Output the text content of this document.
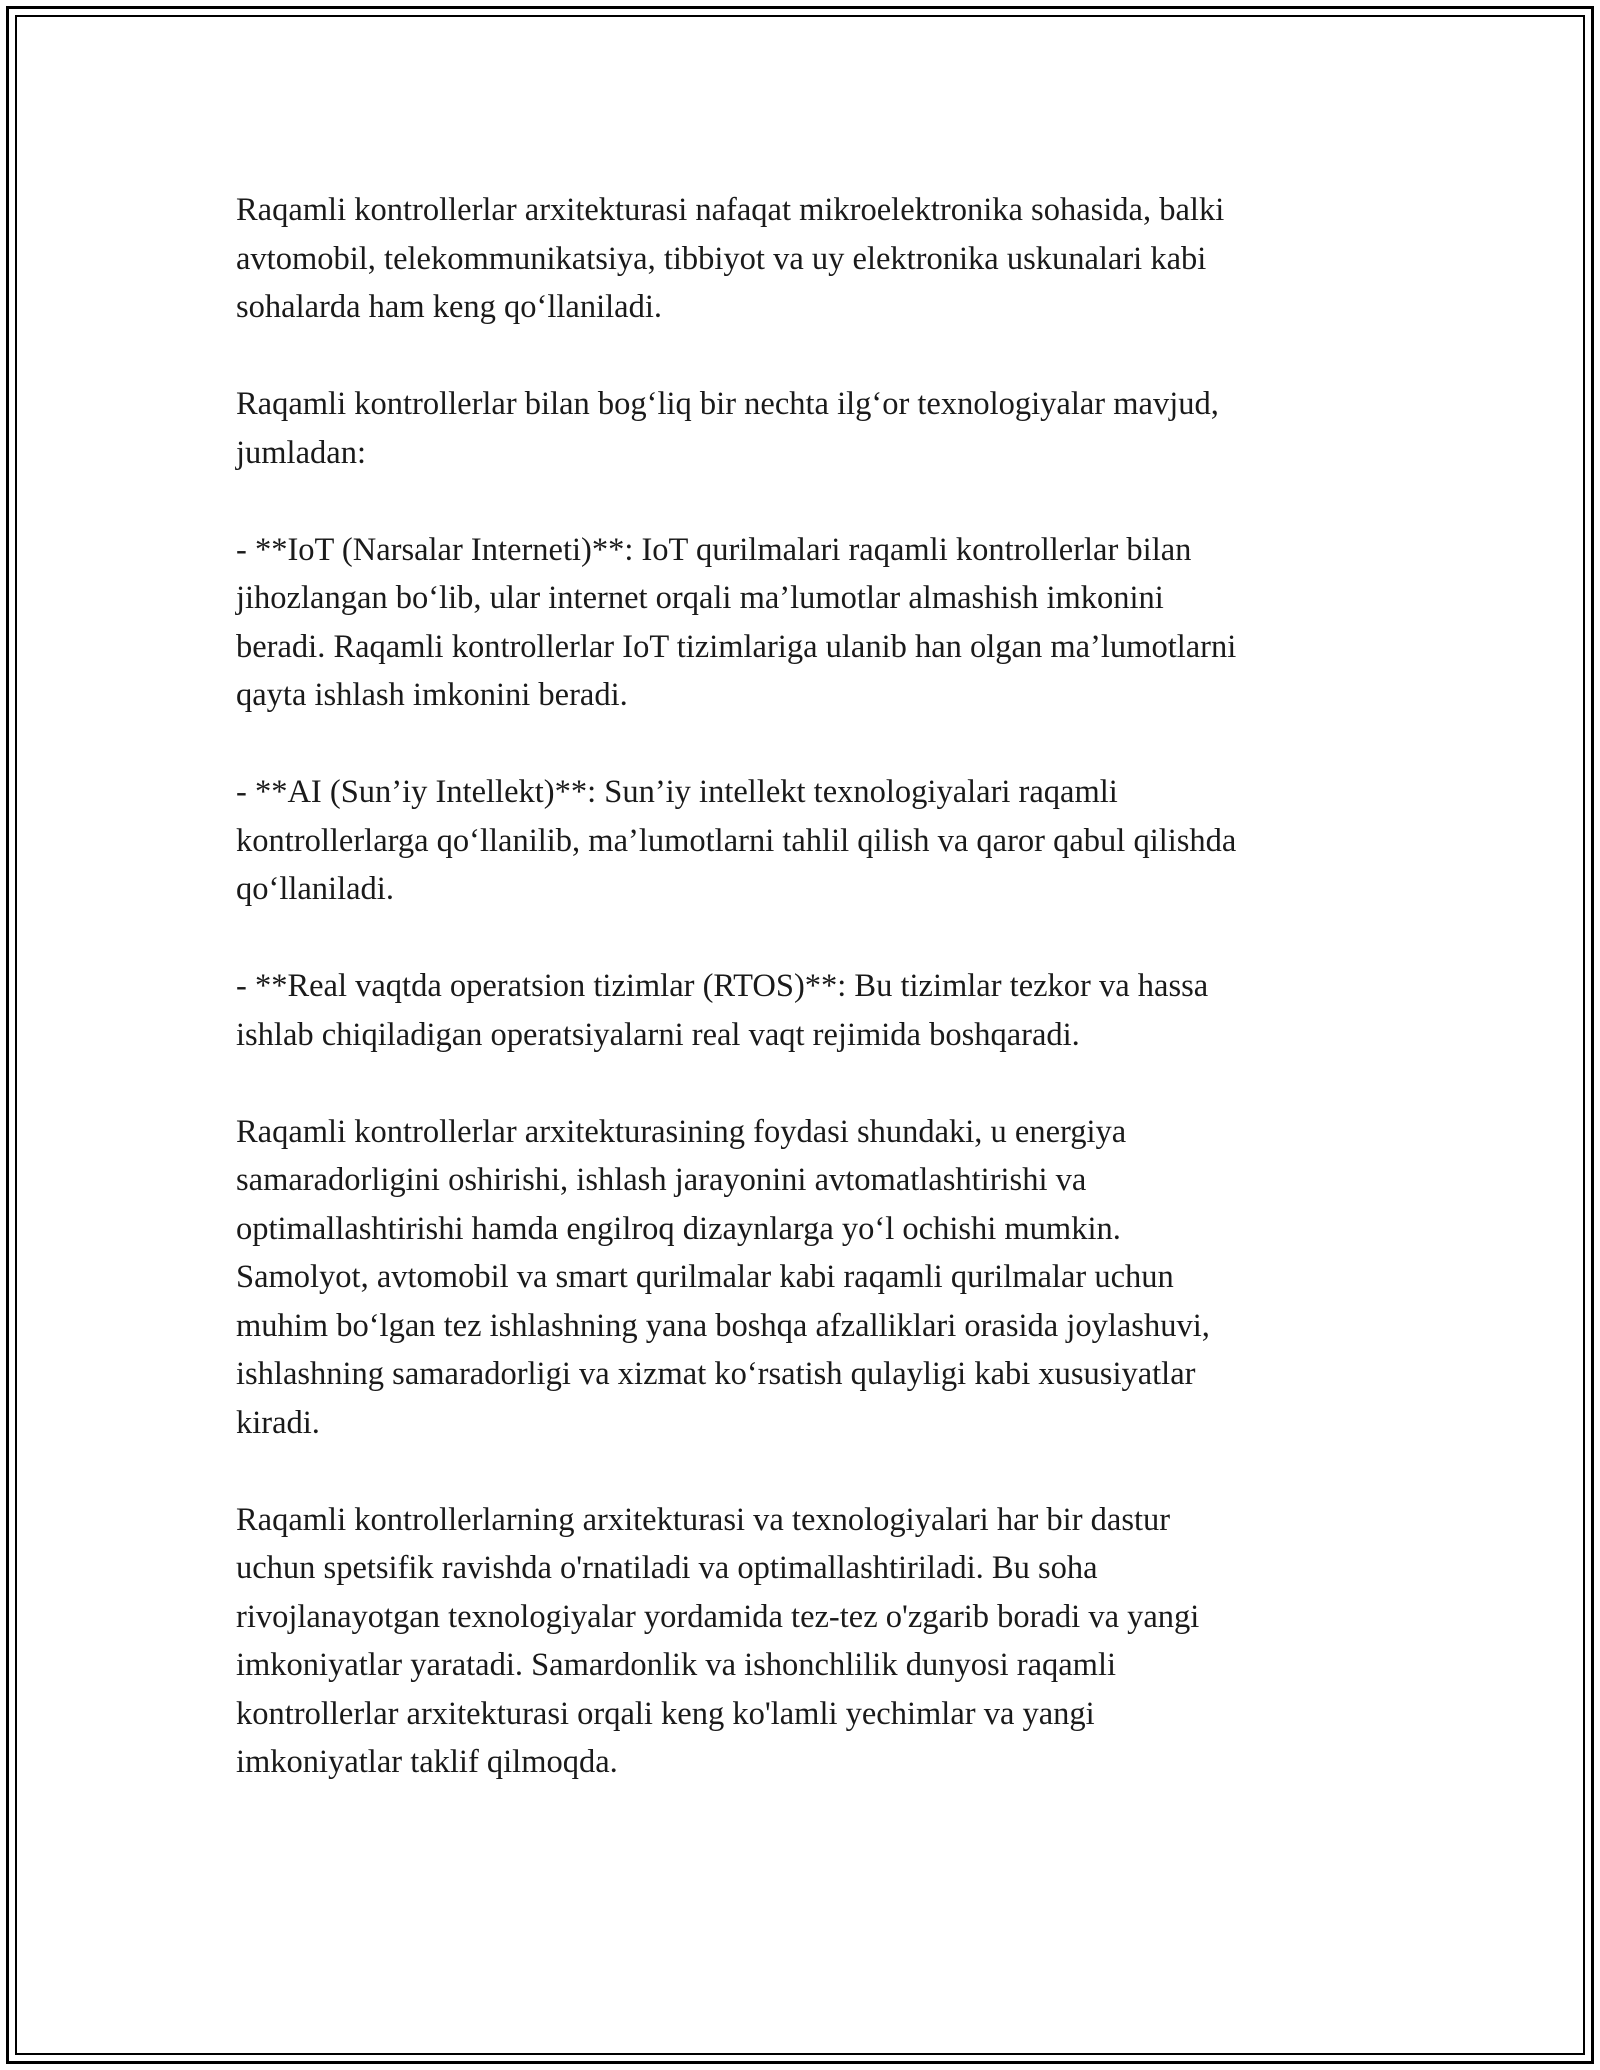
Raqamli kontrollerlar arxitekturasi nafaqat mikroelektronika sohasida, balki
avtomobil, telekommunikatsiya, tibbiyot va uy elektronika uskunalari kabi
sohalarda ham keng qo‘llaniladi.

Raqamli kontrollerlar bilan bog‘liq bir nechta ilg‘or texnologiyalar mavjud,
jumladan:

- **IoT (Narsalar Interneti)**: IoT qurilmalari raqamli kontrollerlar bilan
jihozlangan bo‘lib, ular internet orqali ma’lumotlar almashish imkonini
beradi. Raqamli kontrollerlar IoT tizimlariga ulanib han olgan ma’lumotlarni
qayta ishlash imkonini beradi.

- **AI (Sun’iy Intellekt)**: Sun’iy intellekt texnologiyalari raqamli
kontrollerlarga qo‘llanilib, ma’lumotlarni tahlil qilish va qaror qabul qilishda
qo‘llaniladi.

- **Real vaqtda operatsion tizimlar (RTOS)**: Bu tizimlar tezkor va hassa
ishlab chiqiladigan operatsiyalarni real vaqt rejimida boshqaradi.

Raqamli kontrollerlar arxitekturasining foydasi shundaki, u energiya
samaradorligini oshirishi, ishlash jarayonini avtomatlashtirishi va
optimallashtirishi hamda engilroq dizaynlarga yo‘l ochishi mumkin.
Samolyot, avtomobil va smart qurilmalar kabi raqamli qurilmalar uchun
muhim bo‘lgan tez ishlashning yana boshqa afzalliklari orasida joylashuvi,
ishlashning samaradorligi va xizmat ko‘rsatish qulayligi kabi xususiyatlar
kiradi.

Raqamli kontrollerlarning arxitekturasi va texnologiyalari har bir dastur
uchun spetsifik ravishda o'rnatiladi va optimallashtiriladi. Bu soha
rivojlanayotgan texnologiyalar yordamida tez-tez o'zgarib boradi va yangi
imkoniyatlar yaratadi. Samardonlik va ishonchlilik dunyosi raqamli
kontrollerlar arxitekturasi orqali keng ko'lamli yechimlar va yangi
imkoniyatlar taklif qilmoqda.
